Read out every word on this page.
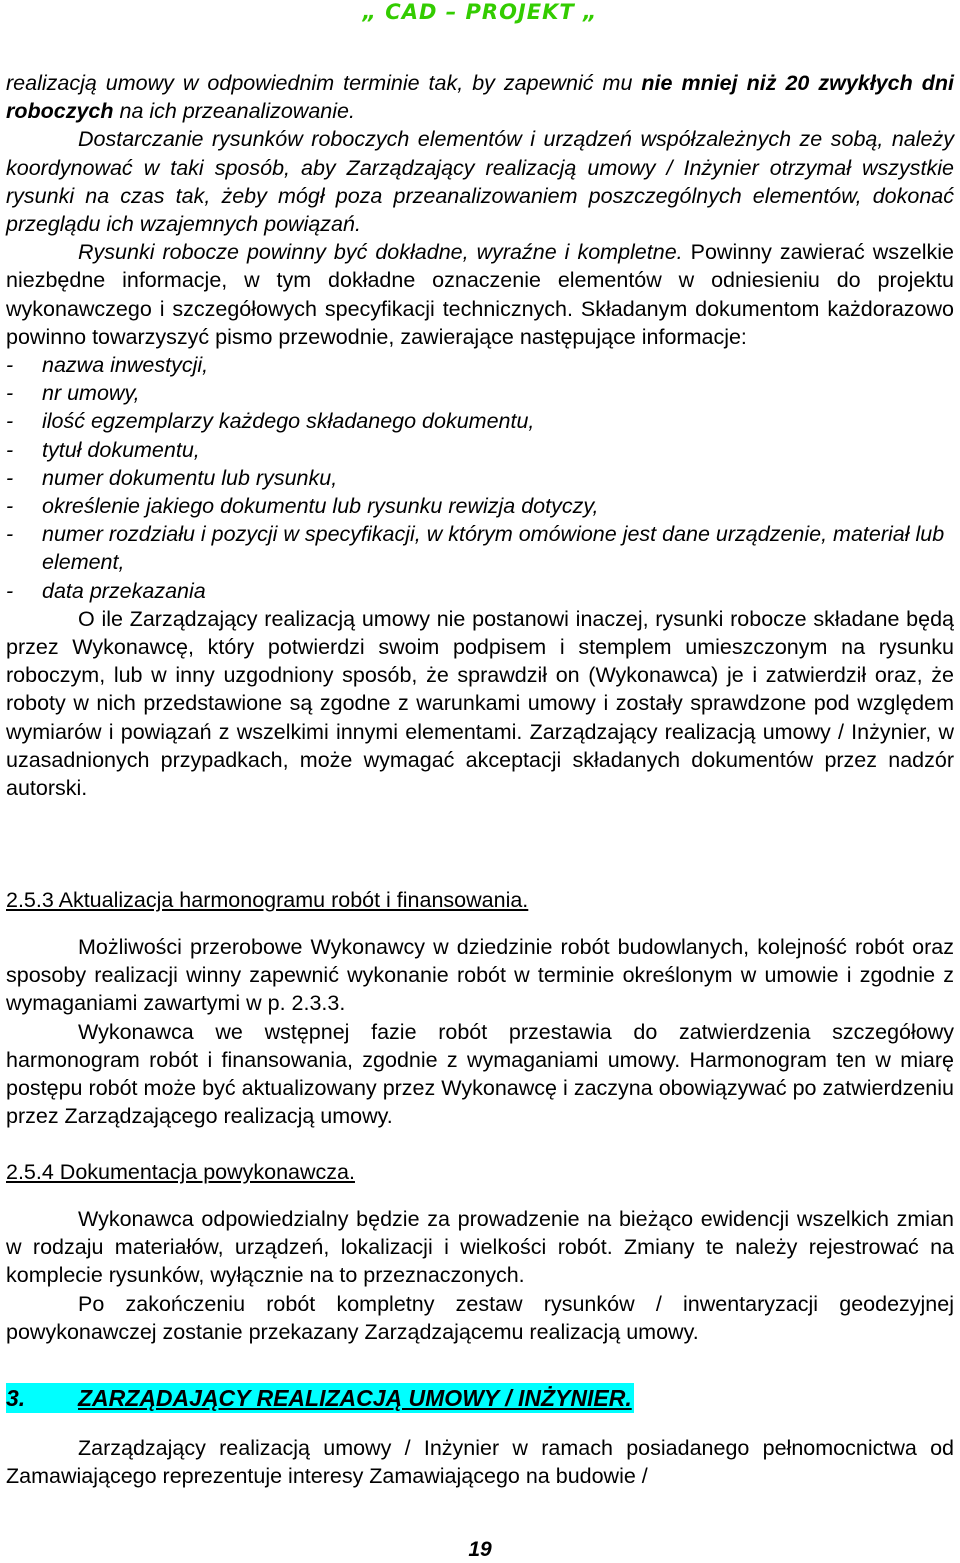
„ CAD – PROJEKT „

realizacją umowy w odpowiednim terminie tak, by zapewnić mu nie mniej niż 20 zwykłych dni roboczych na ich przeanalizowanie.

Dostarczanie rysunków roboczych elementów i urządzeń współzależnych ze sobą, należy koordynować w taki sposób, aby Zarządzający realizacją umowy / Inżynier otrzymał wszystkie rysunki na czas tak, żeby mógł poza przeanalizowaniem poszczególnych elementów, dokonać przeglądu ich wzajemnych powiązań.

Rysunki robocze powinny być dokładne, wyraźne i kompletne. Powinny zawierać wszelkie niezbędne informacje, w tym dokładne oznaczenie elementów w odniesieniu do projektu wykonawczego i szczegółowych specyfikacji technicznych. Składanym dokumentom każdorazowo powinno towarzyszyć pismo przewodnie, zawierające następujące informacje:

- nazwa inwestycji,
- nr umowy,
- ilość egzemplarzy każdego składanego dokumentu,
- tytuł dokumentu,
- numer dokumentu lub rysunku,
- określenie jakiego dokumentu lub rysunku rewizja dotyczy,
- numer rozdziału i pozycji w specyfikacji, w którym omówione jest dane urządzenie, materiał lub element,
- data przekazania

O ile Zarządzający realizacją umowy nie postanowi inaczej, rysunki robocze składane będą przez Wykonawcę, który potwierdzi swoim podpisem i stemplem umieszczonym na rysunku roboczym, lub w inny uzgodniony sposób, że sprawdził on (Wykonawca) je i zatwierdził oraz, że roboty w nich przedstawione są zgodne z warunkami umowy i zostały sprawdzone pod względem wymiarów i powiązań z wszelkimi innymi elementami. Zarządzający realizacją umowy / Inżynier, w uzasadnionych przypadkach, może wymagać akceptacji składanych dokumentów przez nadzór autorski.

2.5.3 Aktualizacja harmonogramu robót i finansowania.

Możliwości przerobowe Wykonawcy w dziedzinie robót budowlanych, kolejność robót oraz sposoby realizacji winny zapewnić wykonanie robót w terminie określonym w umowie i zgodnie z wymaganiami zawartymi w p. 2.3.3.

Wykonawca we wstępnej fazie robót przestawia do zatwierdzenia szczegółowy harmonogram robót i finansowania, zgodnie z wymaganiami umowy. Harmonogram ten w miarę postępu robót może być aktualizowany przez Wykonawcę i zaczyna obowiązywać po zatwierdzeniu przez Zarządzającego realizacją umowy.

2.5.4 Dokumentacja powykonawcza.

Wykonawca odpowiedzialny będzie za prowadzenie na bieżąco ewidencji wszelkich zmian w rodzaju materiałów, urządzeń, lokalizacji i wielkości robót. Zmiany te należy rejestrować na komplecie rysunków, wyłącznie na to przeznaczonych.

Po zakończeniu robót kompletny zestaw rysunków / inwentaryzacji geodezyjnej powykonawczej zostanie przekazany Zarządzającemu realizacją umowy.

3. ZARZĄDAJĄCY REALIZACJĄ UMOWY / INŻYNIER.

Zarządzający realizacją umowy / Inżynier w ramach posiadanego pełnomocnictwa od Zamawiającego reprezentuje interesy Zamawiającego na budowie /

19
